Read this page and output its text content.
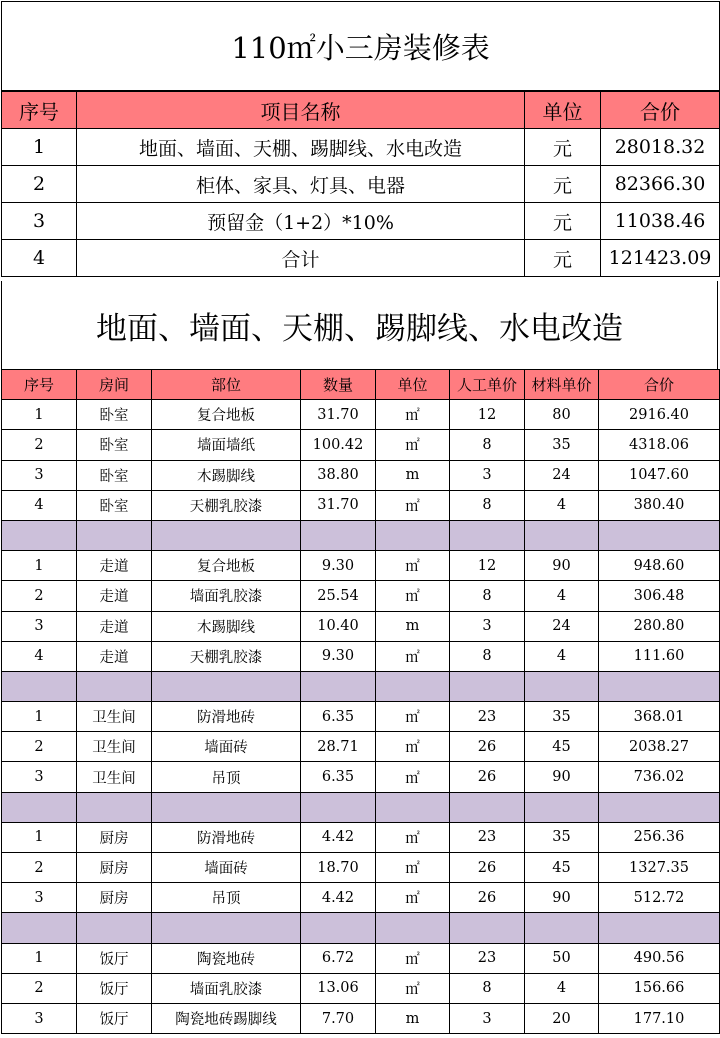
110㎡小三房装修表			
序号	项目名称	单位	合价
1	地面、墙面、天棚、踢脚线、水电改造	元	28018.32
2	柜体、家具、灯具、电器	元	82366.30
3	预留金（1+2）*10%	元	11038.46
4	合计	元	121423.09
地面、墙面、天棚、踢脚线、水电改造
序号	房间	部位	数量	单位	人工单价	材料单价	合价
1	卧室	复合地板	31.70	㎡	12	80	2916.40
2	卧室	墙面墙纸	100.42	㎡	8	35	4318.06
3	卧室	木踢脚线	38.80	m	3	24	1047.60
4	卧室	天棚乳胶漆	31.70	㎡	8	4	380.40

1	走道	复合地板	9.30	㎡	12	90	948.60
2	走道	墙面乳胶漆	25.54	㎡	8	4	306.48
3	走道	木踢脚线	10.40	m	3	24	280.80
4	走道	天棚乳胶漆	9.30	㎡	8	4	111.60

1	卫生间	防滑地砖	6.35	㎡	23	35	368.01
2	卫生间	墙面砖	28.71	㎡	26	45	2038.27
3	卫生间	吊顶	6.35	㎡	26	90	736.02

1	厨房	防滑地砖	4.42	㎡	23	35	256.36
2	厨房	墙面砖	18.70	㎡	26	45	1327.35
3	厨房	吊顶	4.42	㎡	26	90	512.72

1	饭厅	陶瓷地砖	6.72	㎡	23	50	490.56
2	饭厅	墙面乳胶漆	13.06	㎡	8	4	156.66
3	饭厅	陶瓷地砖踢脚线	7.70	m	3	20	177.10
